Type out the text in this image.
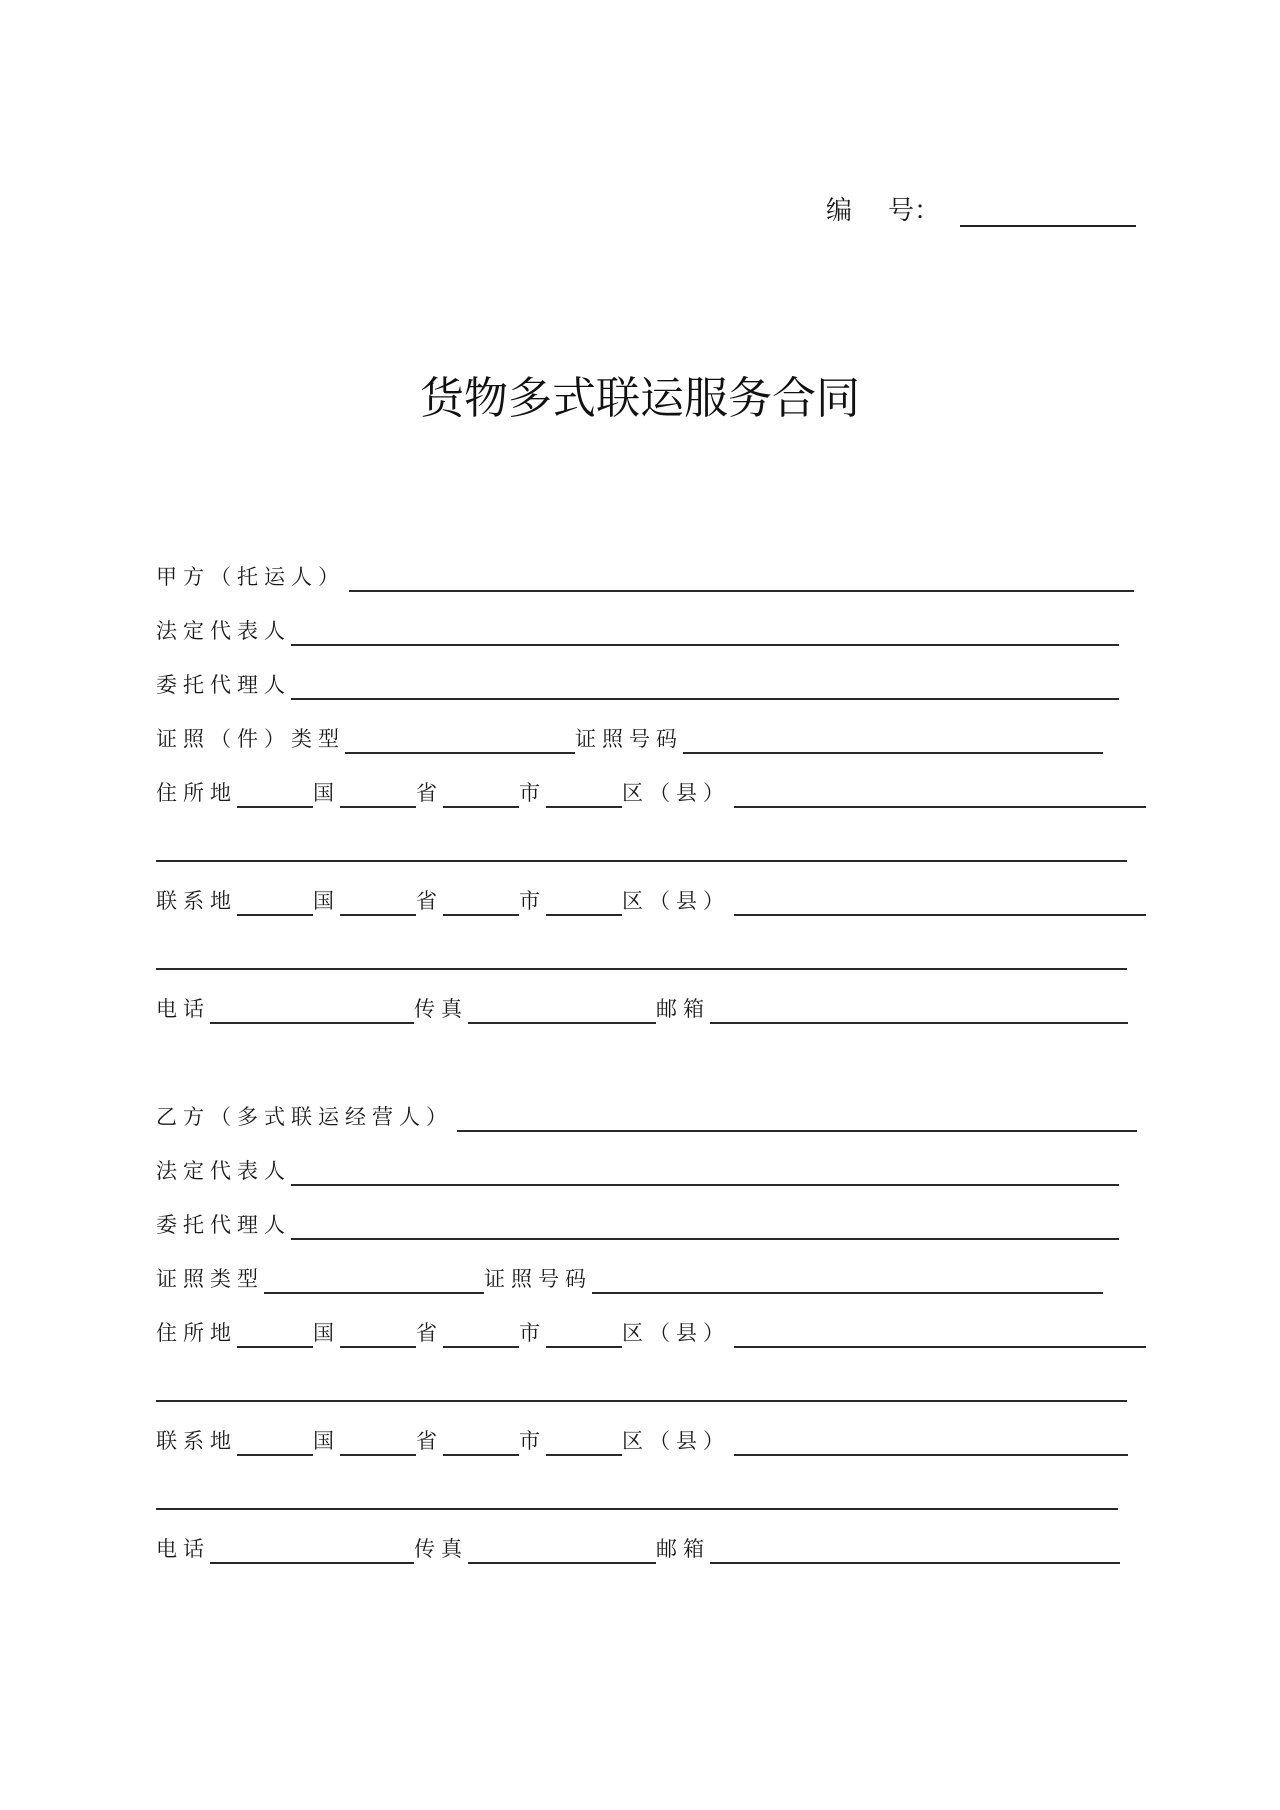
编 号：
货物多式联运服务合同
甲方（托运人）
法定代表人
委托代理人
证照（件）类型	证照号码
住所地	国	省	市	区（县）
联系地	国	省	市	区（县）
电话	传真	邮箱
乙方（多式联运经营人）
法定代表人
委托代理人
证照类型	证照号码
住所地	国	省	市	区（县）
联系地	国	省	市	区（县）
电话	传真	邮箱
